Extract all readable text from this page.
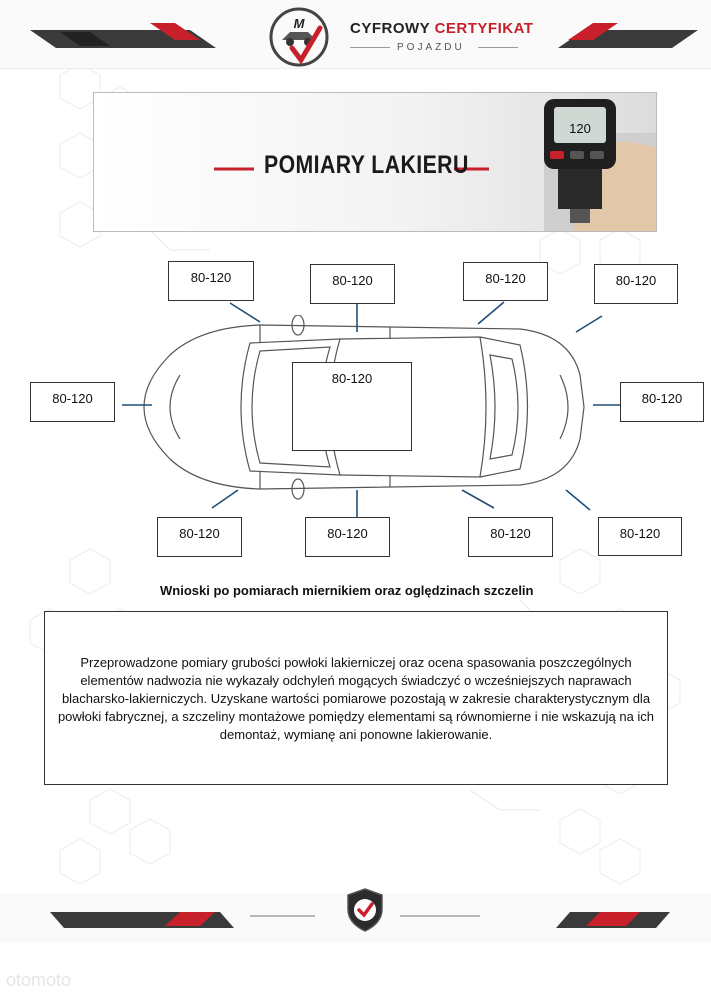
M	CYFROWY CERTYFIKAT
POJAZDU
POMIARY LAKIERU
120
80-120	80-120	80-120	80-120
80-120
80-120
80-120
80-120	80-120	80-120	80-120
Wnioski po pomiarach miernikiem oraz oględzinach szczelin
Przeprowadzone pomiary grubości powłoki lakierniczej oraz ocena spasowania poszczególnych elementów nadwozia nie wykazały odchyleń mogących świadczyć o wcześniejszych naprawach blacharsko-lakierniczych. Uzyskane wartości pomiarowe pozostają w zakresie charakterystycznym dla powłoki fabrycznej, a szczeliny montażowe pomiędzy elementami są równomierne i nie wskazują na ich demontaż, wymianę ani ponowne lakierowanie.
otomoto
